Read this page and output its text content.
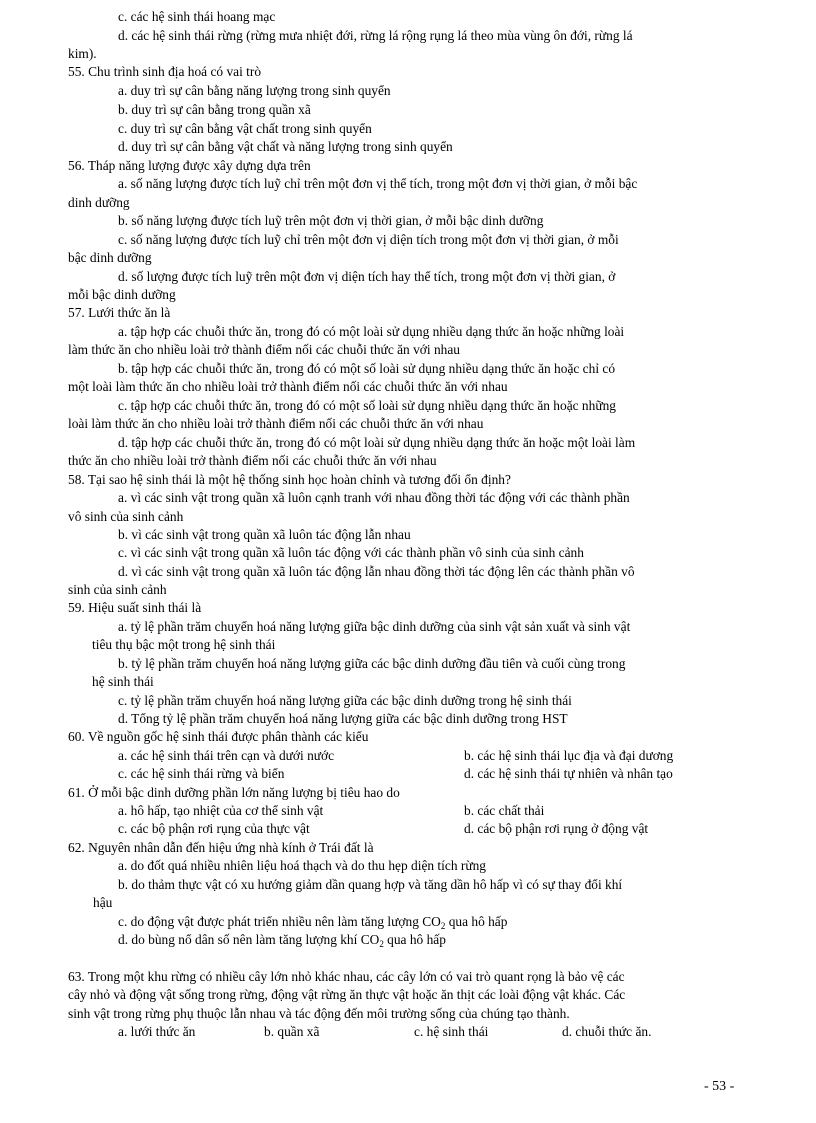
c. các hệ sinh thái hoang mạc
d. các hệ sinh thái rừng (rừng mưa nhiệt đới, rừng lá rộng rụng lá theo mùa vùng ôn đới, rừng lá
kim).
55. Chu trình sinh địa hoá có vai trò
a. duy trì sự cân bằng năng lượng trong sinh quyển
b. duy trì sự cân bằng trong quần xã
c. duy trì sự cân bằng vật chất trong sinh quyển
d. duy trì sự cân bằng vật chất và năng lượng trong sinh quyển
56. Tháp năng lượng được xây dựng dựa trên
a. số năng lượng được tích luỹ chỉ trên một đơn vị thể tích, trong một đơn vị thời gian, ở mỗi bậc
dinh dưỡng
b. số năng lượng được tích luỹ trên một đơn vị thời gian, ở mỗi bậc dinh dưỡng
c. số năng lượng được tích luỹ chỉ trên một đơn vị diện tích trong một đơn vị thời gian, ở mỗi
bậc dinh dưỡng
d. số lượng được tích luỹ trên một đơn vị diện tích hay thể tích, trong một đơn vị thời gian, ở
mỗi bậc dinh dưỡng
57. Lưới thức ăn là
a. tập hợp các chuỗi thức ăn, trong đó có một loài sử dụng nhiều dạng thức ăn hoặc những loài
làm thức ăn cho nhiều loài trở thành điểm nối các chuỗi thức ăn với nhau
b. tập hợp các chuỗi thức ăn, trong đó có một số loài sử dụng nhiều dạng thức ăn hoặc chỉ có
một loài làm thức ăn cho nhiều loài trở thành điểm nối các chuỗi thức ăn với nhau
c. tập hợp các chuỗi thức ăn, trong đó có một số loài sử dụng nhiều dạng thức ăn hoặc những
loài làm thức ăn cho nhiều loài trở thành điểm nối các chuỗi thức ăn với nhau
d. tập hợp các chuỗi thức ăn, trong đó có một loài sử dụng nhiều dạng thức ăn hoặc một loài làm
thức ăn cho nhiều loài trở thành điểm nối các chuỗi thức ăn với nhau
58. Tại sao hệ sinh thái là một hệ thống sinh học hoàn chỉnh và tương đối ổn định?
a. vì các sinh vật trong quần xã luôn cạnh tranh với nhau đồng thời tác động với các thành phần
vô sinh của sinh cảnh
b. vì các sinh vật trong quần xã luôn tác động lẫn nhau
c. vì các sinh vật trong quần xã luôn tác động với các thành phần vô sinh của sinh cảnh
d. vì các sinh vật trong quần xã luôn tác động lẫn nhau đồng thời tác động lên các thành phần vô
sinh của sinh cảnh
59. Hiệu suất sinh thái là
a. tỷ lệ phần trăm chuyển hoá năng lượng giữa bậc dinh dưỡng của sinh vật sản xuất và sinh vật
tiêu thụ bậc một trong hệ sinh thái
b. tỷ lệ phần trăm chuyển hoá năng lượng giữa các bậc dinh dưỡng đầu tiên và cuối cùng trong
hệ sinh thái
c. tỷ lệ phần trăm chuyển hoá năng lượng giữa các bậc dinh dưỡng trong hệ sinh thái
d. Tổng tỷ lệ phần trăm chuyển hoá năng lượng giữa các bậc dinh dưỡng trong HST
60. Về nguồn gốc hệ sinh thái được phân thành các kiểu
a. các hệ sinh thái trên cạn và dưới nước	b. các hệ sinh thái lục địa và đại dương
c. các hệ sinh thái rừng và biển	d. các hệ sinh thái tự nhiên và nhân tạo
61. Ở mỗi bậc dinh dưỡng phần lớn năng lượng bị tiêu hao do
a. hô hấp, tạo nhiệt của cơ thể sinh vật	b. các chất thải
c. các bộ phận rơi rụng của thực vật	d. các bộ phận rơi rụng ở động vật
62. Nguyên nhân dẫn đến hiệu ứng nhà kính ở Trái đất là
a. do đốt quá nhiều nhiên liệu hoá thạch và do thu hẹp diện tích rừng
b. do thảm thực vật có xu hướng giảm dần quang hợp và tăng dần hô hấp vì có sự thay đổi khí
hậu
c. do động vật được phát triển nhiều nên làm tăng lượng $CO_2$ qua hô hấp
d. do bùng nổ dân số nên làm tăng lượng khí $CO_2$ qua hô hấp
63. Trong một khu rừng có nhiều cây lớn nhỏ khác nhau, các cây lớn có vai trò quant rọng là bảo vệ các
cây nhỏ và động vật sống trong rừng, động vật rừng ăn thực vật hoặc ăn thịt các loài động vật khác. Các
sinh vật trong rừng phụ thuộc lẫn nhau và tác động đến môi trường sống của chúng tạo thành.
a. lưới thức ăn	b. quần xã	c. hệ sinh thái	d. chuỗi thức ăn.
- 53 -
